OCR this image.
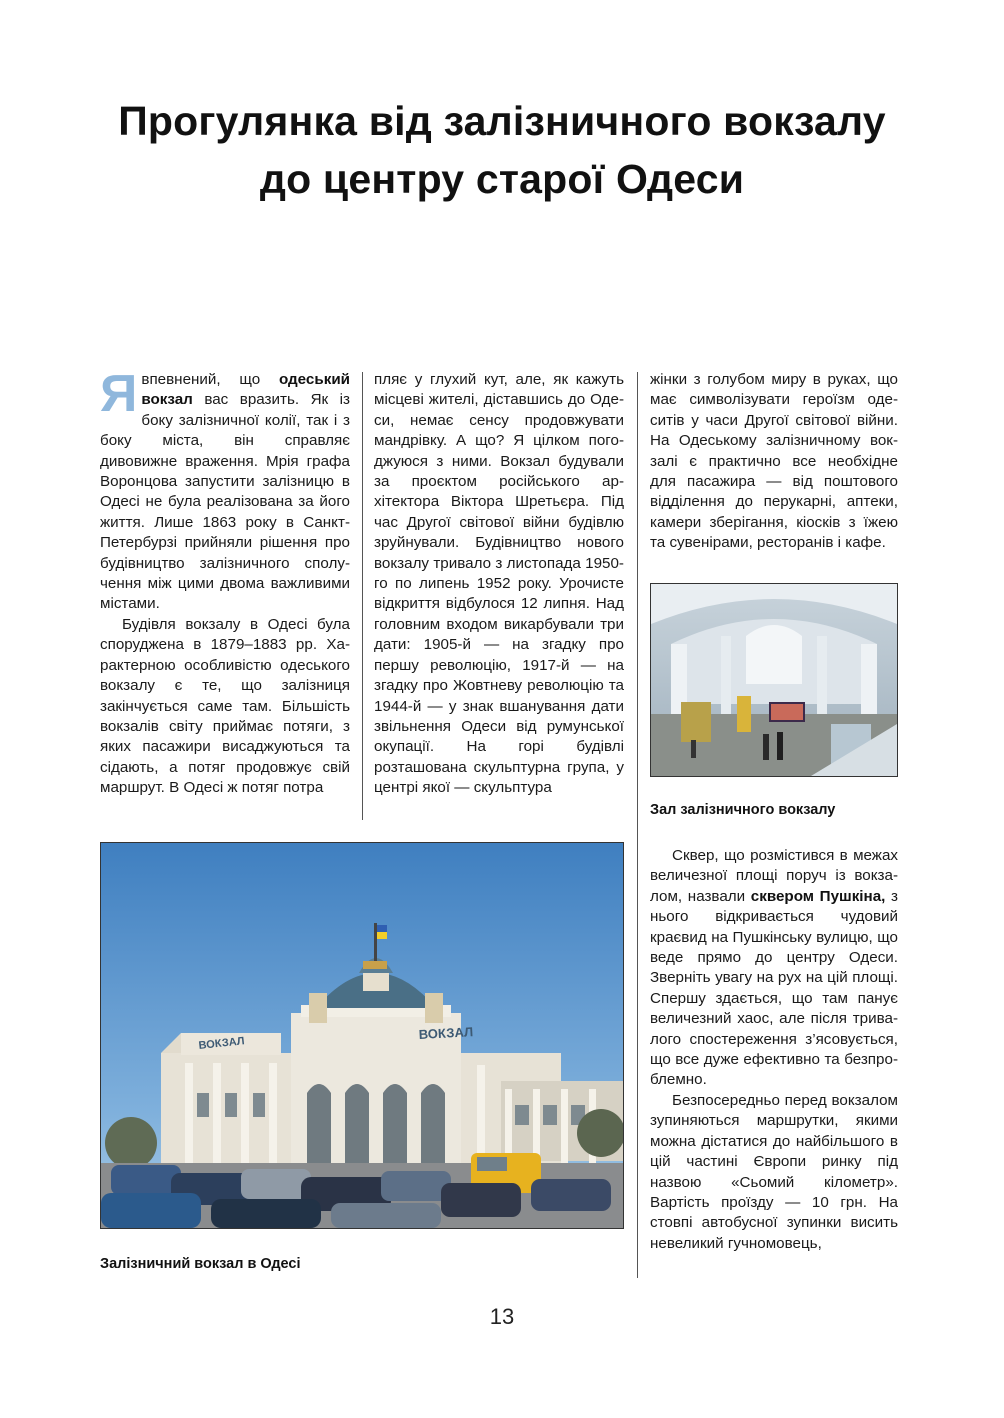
Прогулянка від залізничного вокзалу
до центру старої Одеси

Явпевнений, що одеський вокзал вас вразить. Як із боку залізничної колії, так і з боку міста, він справляє дивовижне враження. Мрія графа Воронцова запустити залізницю в Одесі не була реалізована за його життя. Лише 1863 року в Санкт-Петербурзі прийняли рішення про будівництво залізничного сполучення між цими двома важливими містами.

Будівля вокзалу в Одесі була споруджена в 1879–1883 рр. Характерною особливістю одеського вокзалу є те, що залізниця закінчується саме там. Більшість вокзалів світу приймає потяги, з яких пасажири висаджуються та сідають, а потяг продовжує свій маршрут. В Одесі ж потяг потра

пляє у глухий кут, але, як кажуть місцеві жителі, діставшись до Одеси, немає сенсу продовжувати мандрівку. А що? Я цілком погоджуюся з ними. Вокзал будували за проєктом російського архітектора Віктора Шретьєра. Під час Другої світової війни будівлю зруйнували. Будівництво нового вокзалу тривало з листопада 1950-го по липень 1952 року. Урочисте відкриття відбулося 12 липня. Над головним входом викарбували три дати: 1905-й — на згадку про першу революцію, 1917-й — на згадку про Жовтневу революцію та 1944-й — у знак вшанування дати звільнення Одеси від румунської окупації. На горі будівлі розташована скульптурна група, у центрі якої — скульптура

жінки з голубом миру в руках, що має символізувати героїзм одеситів у часи Другої світової війни. На Одеському залізничному вокзалі є практично все необхідне для пасажира — від поштового відділення до перукарні, аптеки, камери зберігання, кіосків з їжею та сувенірами, ресторанів і кафе.

Зал залізничного вокзалу

Сквер, що розмістився в межах величезної площі поруч із вокзалом, назвали сквером Пушкіна, з нього відкривається чудовий краєвид на Пушкінську вулицю, що веде прямо до центру Одеси. Зверніть увагу на рух на цій площі. Спершу здається, що там панує величезний хаос, але після тривалого спостереження з’ясовується, що все дуже ефективно та безпроблемно.

Безпосередньо перед вокзалом зупиняються маршрутки, якими можна дістатися до найбільшого в цій частині Європи ринку під назвою «Сьомий кілометр». Вартість проїзду — 10 грн. На стовпі автобусної зупинки висить невеликий гучномовець,

ВОКЗАЛ
ВОКЗАЛ
Залізничний вокзал в Одесі
13
